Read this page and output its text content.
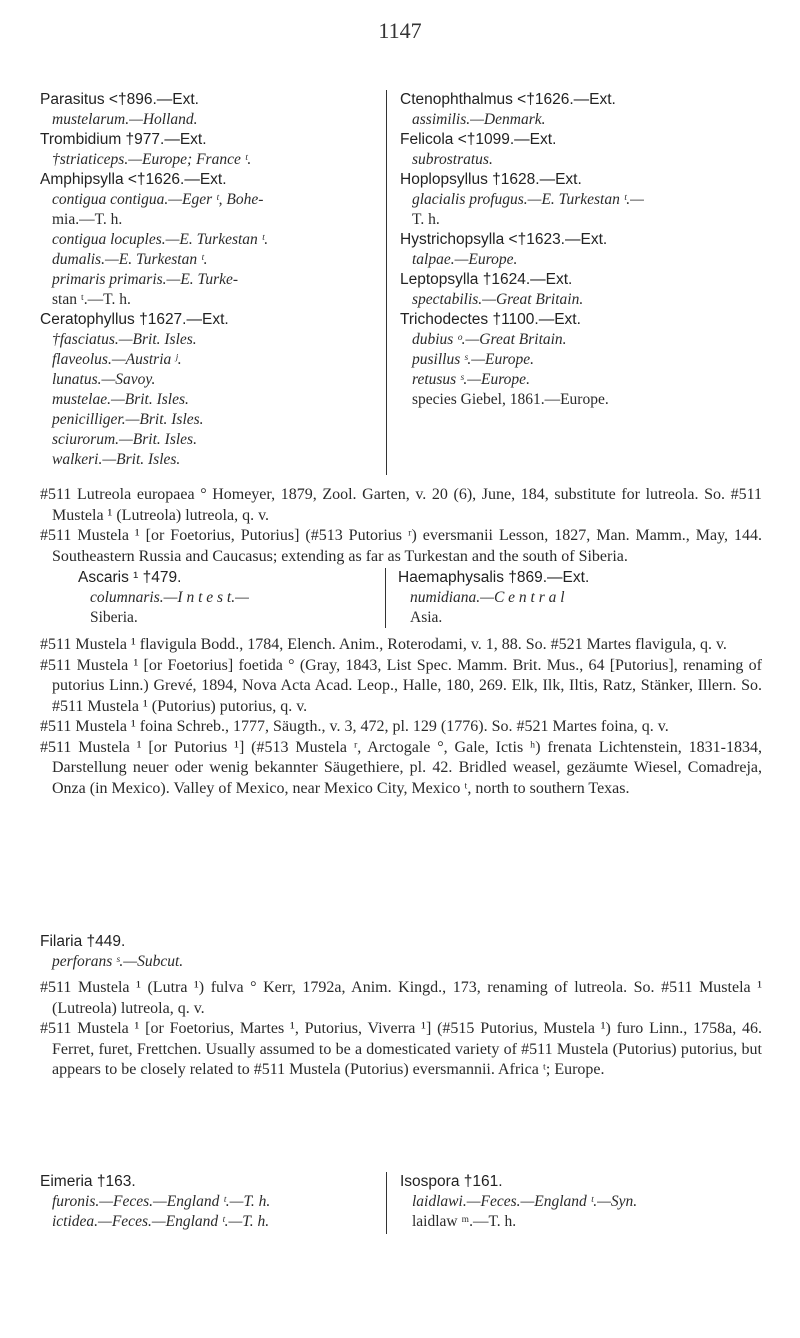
1147

Parasitus <†896.—Ext.

mustelarum.—Holland.

Trombidium †977.—Ext.

†striaticeps.—Europe; France ᵗ.

Amphipsylla <†1626.—Ext.

contigua contigua.—Eger ᵗ, Bohe-

mia.—T. h.

contigua locuples.—E. Turkestan ᵗ.

dumalis.—E. Turkestan ᵗ.

primaris primaris.—E. Turke-

stan ᵗ.—T. h.

Ceratophyllus †1627.—Ext.

†fasciatus.—Brit. Isles.

flaveolus.—Austria ʲ.

lunatus.—Savoy.

mustelae.—Brit. Isles.

penicilliger.—Brit. Isles.

sciurorum.—Brit. Isles.

walkeri.—Brit. Isles.

Ctenophthalmus <†1626.—Ext.

assimilis.—Denmark.

Felicola <†1099.—Ext.

subrostratus.

Hoplopsyllus †1628.—Ext.

glacialis profugus.—E. Turkestan ᵗ.—

T. h.

Hystrichopsylla <†1623.—Ext.

talpae.—Europe.

Leptopsylla †1624.—Ext.

spectabilis.—Great Britain.

Trichodectes †1100.—Ext.

dubius ᵒ.—Great Britain.

pusillus ˢ.—Europe.

retusus ˢ.—Europe.

species Giebel, 1861.—Europe.

#511 Lutreola europaea ° Homeyer, 1879, Zool. Garten, v. 20 (6), June, 184, substitute for lutreola. So. #511 Mustela ¹ (Lutreola) lutreola, q. v.

#511 Mustela ¹ [or Foetorius, Putorius] (#513 Putorius ʳ) eversmanii Lesson, 1827, Man. Mamm., May, 144. Southeastern Russia and Caucasus; extending as far as Turkestan and the south of Siberia.

Ascaris ¹ †479.

columnaris.—I n t e s t.—

Siberia.

Haemaphysalis †869.—Ext.

numidiana.—C e n t r a l

Asia.

#511 Mustela ¹ flavigula Bodd., 1784, Elench. Anim., Roterodami, v. 1, 88. So. #521 Martes flavigula, q. v.

#511 Mustela ¹ [or Foetorius] foetida ° (Gray, 1843, List Spec. Mamm. Brit. Mus., 64 [Putorius], renaming of putorius Linn.) Grevé, 1894, Nova Acta Acad. Leop., Halle, 180, 269. Elk, Ilk, Iltis, Ratz, Stänker, Illern. So. #511 Mustela ¹ (Putorius) putorius, q. v.

#511 Mustela ¹ foina Schreb., 1777, Säugth., v. 3, 472, pl. 129 (1776). So. #521 Martes foina, q. v.

#511 Mustela ¹ [or Putorius ¹] (#513 Mustela ʳ, Arctogale °, Gale, Ictis ʰ) frenata Lichtenstein, 1831-1834, Darstellung neuer oder wenig bekannter Säugethiere, pl. 42. Bridled weasel, gezäumte Wiesel, Comadreja, Onza (in Mexico). Valley of Mexico, near Mexico City, Mexico ᵗ, north to southern Texas.

Filaria †449.

perforans ˢ.—Subcut.

#511 Mustela ¹ (Lutra ¹) fulva ° Kerr, 1792a, Anim. Kingd., 173, renaming of lutreola. So. #511 Mustela ¹ (Lutreola) lutreola, q. v.

#511 Mustela ¹ [or Foetorius, Martes ¹, Putorius, Viverra ¹] (#515 Putorius, Mustela ¹) furo Linn., 1758a, 46. Ferret, furet, Frettchen. Usually assumed to be a domesticated variety of #511 Mustela (Putorius) putorius, but appears to be closely related to #511 Mustela (Putorius) eversmannii. Africa ᵗ; Europe.

Eimeria †163.

furonis.—Feces.—England ᵗ.—T. h.

ictidea.—Feces.—England ᵗ.—T. h.

Isospora †161.

laidlawi.—Feces.—England ᵗ.—Syn.

laidlaw ᵐ.—T. h.
